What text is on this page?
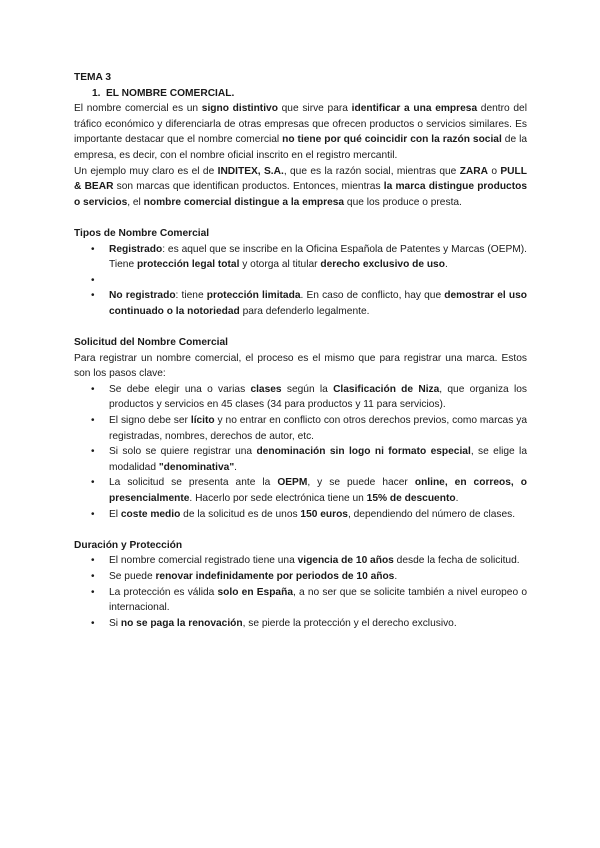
TEMA 3

1. EL NOMBRE COMERCIAL.

El nombre comercial es un signo distintivo que sirve para identificar a una empresa dentro del tráfico económico y diferenciarla de otras empresas que ofrecen productos o servicios similares. Es importante destacar que el nombre comercial no tiene por qué coincidir con la razón social de la empresa, es decir, con el nombre oficial inscrito en el registro mercantil.

Un ejemplo muy claro es el de INDITEX, S.A., que es la razón social, mientras que ZARA o PULL & BEAR son marcas que identifican productos. Entonces, mientras la marca distingue productos o servicios, el nombre comercial distingue a la empresa que los produce o presta.

Tipos de Nombre Comercial

• Registrado: es aquel que se inscribe en la Oficina Española de Patentes y Marcas (OEPM). Tiene protección legal total y otorga al titular derecho exclusivo de uso.
•
• No registrado: tiene protección limitada. En caso de conflicto, hay que demostrar el uso continuado o la notoriedad para defenderlo legalmente.

Solicitud del Nombre Comercial

Para registrar un nombre comercial, el proceso es el mismo que para registrar una marca. Estos son los pasos clave:

• Se debe elegir una o varias clases según la Clasificación de Niza, que organiza los productos y servicios en 45 clases (34 para productos y 11 para servicios).
• El signo debe ser lícito y no entrar en conflicto con otros derechos previos, como marcas ya registradas, nombres, derechos de autor, etc.
• Si solo se quiere registrar una denominación sin logo ni formato especial, se elige la modalidad "denominativa".
• La solicitud se presenta ante la OEPM, y se puede hacer online, en correos, o presencialmente. Hacerlo por sede electrónica tiene un 15% de descuento.
• El coste medio de la solicitud es de unos 150 euros, dependiendo del número de clases.

Duración y Protección

• El nombre comercial registrado tiene una vigencia de 10 años desde la fecha de solicitud.
• Se puede renovar indefinidamente por periodos de 10 años.
• La protección es válida solo en España, a no ser que se solicite también a nivel europeo o internacional.
• Si no se paga la renovación, se pierde la protección y el derecho exclusivo.
